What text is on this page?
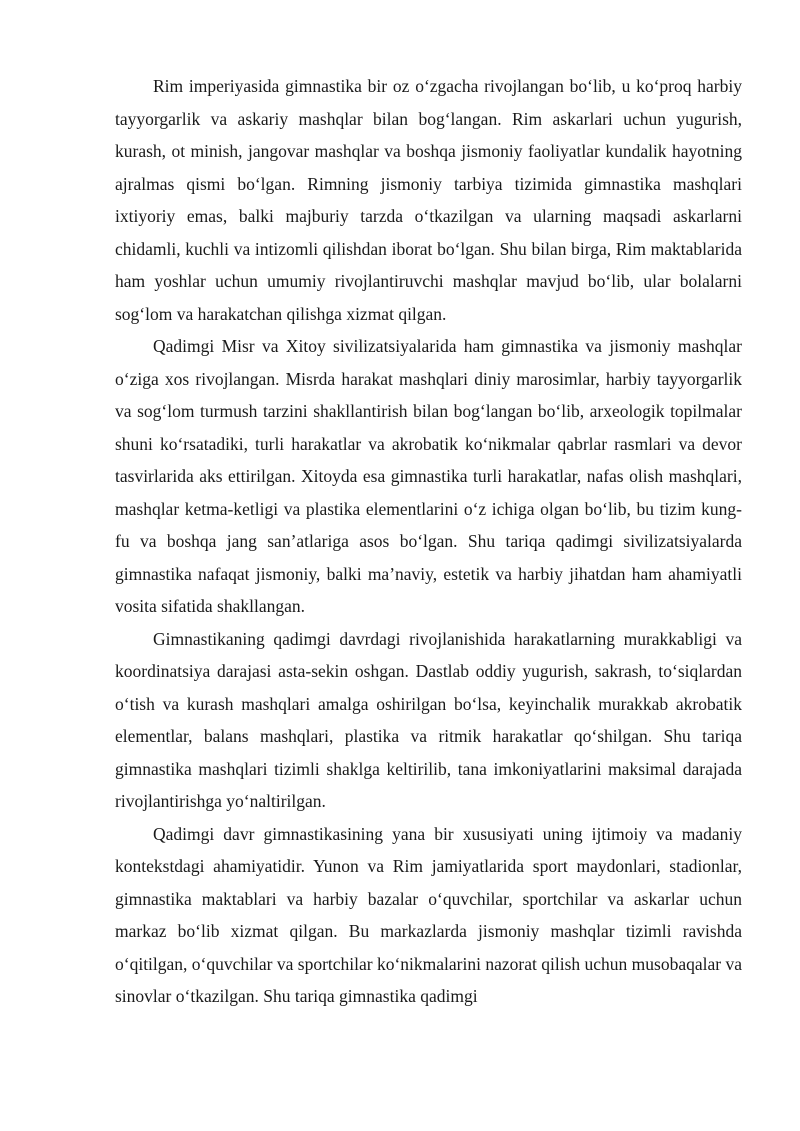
Rim imperiyasida gimnastika bir oz o‘zgacha rivojlangan bo‘lib, u ko‘proq harbiy tayyorgarlik va askariy mashqlar bilan bog‘langan. Rim askarlari uchun yugurish, kurash, ot minish, jangovar mashqlar va boshqa jismoniy faoliyatlar kundalik hayotning ajralmas qismi bo‘lgan. Rimning jismoniy tarbiya tizimida gimnastika mashqlari ixtiyoriy emas, balki majburiy tarzda o‘tkazilgan va ularning maqsadi askarlarni chidamli, kuchli va intizomli qilishdan iborat bo‘lgan. Shu bilan birga, Rim maktablarida ham yoshlar uchun umumiy rivojlantiruvchi mashqlar mavjud bo‘lib, ular bolalarni sog‘lom va harakatchan qilishga xizmat qilgan.

Qadimgi Misr va Xitoy sivilizatsiyalarida ham gimnastika va jismoniy mashqlar o‘ziga xos rivojlangan. Misrda harakat mashqlari diniy marosimlar, harbiy tayyorgarlik va sog‘lom turmush tarzini shakllantirish bilan bog‘langan bo‘lib, arxeologik topilmalar shuni ko‘rsatadiki, turli harakatlar va akrobatik ko‘nikmalar qabrlar rasmlari va devor tasvirlarida aks ettirilgan. Xitoyda esa gimnastika turli harakatlar, nafas olish mashqlari, mashqlar ketma-ketligi va plastika elementlarini o‘z ichiga olgan bo‘lib, bu tizim kung-fu va boshqa jang san’atlariga asos bo‘lgan. Shu tariqa qadimgi sivilizatsiyalarda gimnastika nafaqat jismoniy, balki ma’naviy, estetik va harbiy jihatdan ham ahamiyatli vosita sifatida shakllangan.

Gimnastikaning qadimgi davrdagi rivojlanishida harakatlarning murakkabligi va koordinatsiya darajasi asta-sekin oshgan. Dastlab oddiy yugurish, sakrash, to‘siqlardan o‘tish va kurash mashqlari amalga oshirilgan bo‘lsa, keyinchalik murakkab akrobatik elementlar, balans mashqlari, plastika va ritmik harakatlar qo‘shilgan. Shu tariqa gimnastika mashqlari tizimli shaklga keltirilib, tana imkoniyatlarini maksimal darajada rivojlantirishga yo‘naltirilgan.

Qadimgi davr gimnastikasining yana bir xususiyati uning ijtimoiy va madaniy kontekstdagi ahamiyatidir. Yunon va Rim jamiyatlarida sport maydonlari, stadionlar, gimnastika maktablari va harbiy bazalar o‘quvchilar, sportchilar va askarlar uchun markaz bo‘lib xizmat qilgan. Bu markazlarda jismoniy mashqlar tizimli ravishda o‘qitilgan, o‘quvchilar va sportchilar ko‘nikmalarini nazorat qilish uchun musobaqalar va sinovlar o‘tkazilgan. Shu tariqa gimnastika qadimgi
